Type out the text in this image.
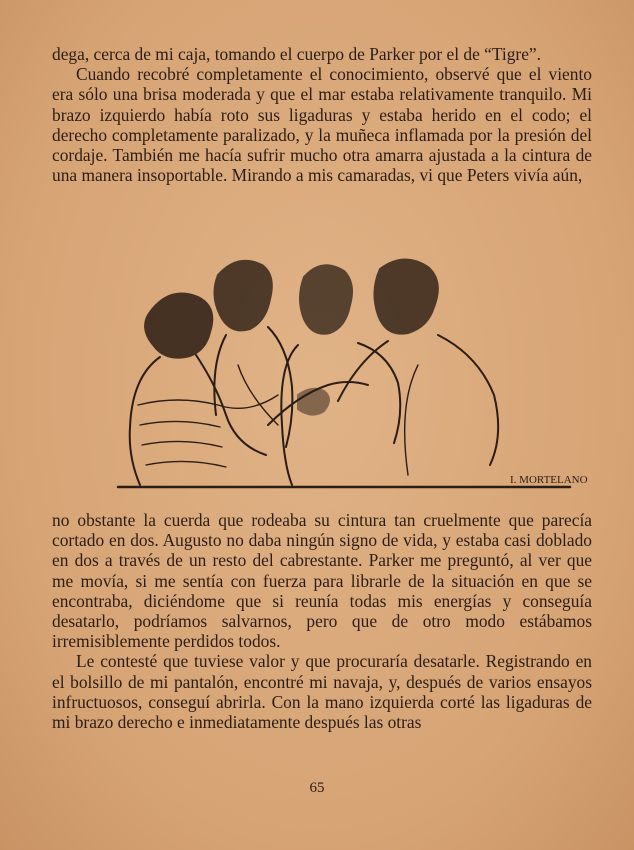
dega, cerca de mi caja, tomando el cuerpo de Parker por el de “Tigre”.

Cuando recobré completamente el conocimiento, observé que el viento era sólo una brisa moderada y que el mar estaba relativamente tranquilo. Mi brazo izquierdo había roto sus ligaduras y estaba herido en el codo; el derecho completamente paralizado, y la muñeca inflamada por la presión del cordaje. También me hacía sufrir mucho otra amarra ajustada a la cintura de una manera insoportable. Mirando a mis camaradas, vi que Peters vivía aún,

I. MORTELANO

no obstante la cuerda que rodeaba su cintura tan cruelmente que parecía cortado en dos. Augusto no daba ningún signo de vida, y estaba casi doblado en dos a través de un resto del cabrestante. Parker me preguntó, al ver que me movía, si me sentía con fuerza para librarle de la situación en que se encontraba, diciéndome que si reunía todas mis energías y conseguía desatarlo, podríamos salvarnos, pero que de otro modo estábamos irremisiblemente perdidos todos.

Le contesté que tuviese valor y que procuraría desatarle. Registrando en el bolsillo de mi pantalón, encontré mi navaja, y, después de varios ensayos infructuosos, conseguí abrirla. Con la mano izquierda corté las ligaduras de mi brazo derecho e inmediatamente después las otras

65
